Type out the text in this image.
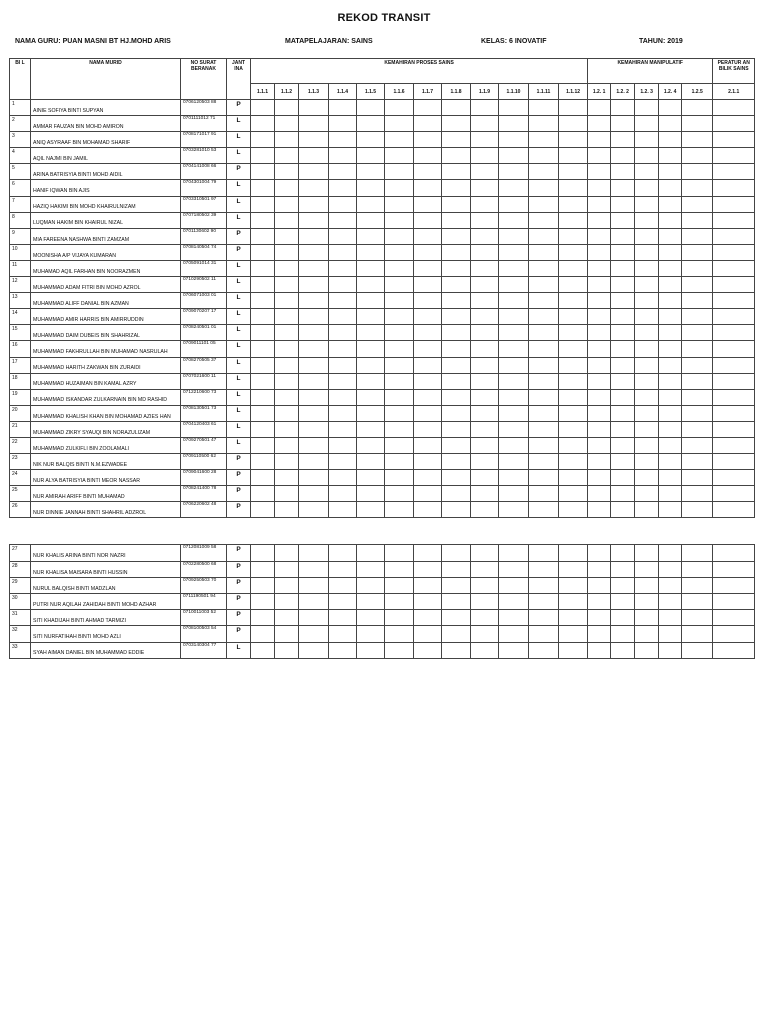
REKOD TRANSIT
NAMA GURU: PUAN MASNI BT HJ.MOHD ARIS	MATAPELAJARAN: SAINS	KELAS: 6 INOVATIF	TAHUN: 2019
BI L	NAMA MURID	NO SURAT BERANAK	JANT INA	KEMAHIRAN PROSES SAINS												KEMAHIRAN MANIPULATIF					PERATUR AN BILIK SAINS
				1.1.1	1.1.2	1.1.3	1.1.4	1.1.5	1.1.6	1.1.7	1.1.8	1.1.9	1.1.10	1.1.11	1.1.12	1.2. 1	1.2. 2	1.2. 3	1.2. 4	1.2.5	2.1.1
1	AINIE SOFIYA BINTI SUPYAN	0706120503 88	P																		
2	AMMAR FAUZAN BIN MOHD AMIRON	0701111012 71	L																		
3	ANIQ ASYRAAF BIN MOHAMAD SHARIF	0708171017 91	L																		
4	AQIL NAJMI BIN JAMIL	0703281010 53	L																		
5	ARINA BATRISYIA BINTI MOHD AIDIL	0704141008 66	P																		
6	HANIF IQWAN BIN AJIS	0704301004 79	L																		
7	HAZIQ HAKIMI BIN MOHD KHAIRULNIZAM	0703310501 97	L																		
8	LUQMAN HAKIM BIN KHAIRUL NIZAL	0707180502 39	L																		
9	MIA FAREENA NASHWA BINTI ZAMZAM	0701130602 90	P																		
10	MOONISHA A/P VIJAYA KUMARAN	0708140504 74	P																		
11	MUHAMAD AQIL FARHAN BIN NOORAZMEN	0705091014 31	L																		
12	MUHAMMAD ADAM FITRI BIN MOHD AZROL	0710290502 11	L																		
13	MUHAMMAD ALIFF DANIAL BIN AZMAN	0706071003 01	L																		
14	MUHAMMAD AMIR HARRIS BIN AMIRRUDDIN	0709070207 17	L																		
15	MUHAMMAD DAIM DUBEIS BIN SHAHRIZAL	0708240501 01	L																		
16	MUHAMMAD FAKHRULLAH BIN MUHAMAD NASRULAH	0709011101 05	L																		
17	MUHAMMAD HARITH ZAKWAN BIN ZURAIDI	0708270505 37	L																		
18	MUHAMMAD HUZAIMAN BIN KAMAL AZRY	0707021600 11	L																		
19	MUHAMMAD ISKANDAR ZULKARNAIN BIN MD RASHID	0712210600 73	L																		
20	MUHAMMAD KHALISH KHAN BIN MOHAMAD AZIES HAN	0708130501 73	L																		
21	MUHAMMAD ZIKRY SYAUQI BIN NORAZULIZAM	0704120403 61	L																		
22	MUHAMMAD ZULKIFLI BIN ZOOLAMALI	0709270501 47	L																		
23	NIK NUR BALQIS BINTI N.M.EZWADEE	0709110500 62	P																		
24	NUR ALYA BATRISYIA BINTI MEOR NASSAR	0709041600 28	P																		
25	NUR AMIRAH ARIFF BINTI MUHAMAD	0708241400 78	P																		
26	NUR DINNIE JANNAH BINTI SHAHRIL ADZROL	0706220602 48	P																		
27	NUR KHALIS ARINA BINTI NOR NAZRI	0712081009 58	P																		
28	NUR KHALISA MAISARA BINTI HUSSIN	0702280500 68	P																		
29	NURUL BALQISH BINTI MADZLAN	0709250503 70	P																		
30	PUTRI NUR AQILAH ZAHIDAH BINTI MOHD AZHAR	0711190501 94	P																		
31	SITI KHADIJAH BINTI AHMAD TARMIZI	0710011003 52	P																		
32	SITI NURFATIHAH BINTI MOHD AZLI	0708100503 54	P																		
33	SYAH AIMAN DANIEL BIN MUHAMMAD EDDIE	0703140304 77	L																		
